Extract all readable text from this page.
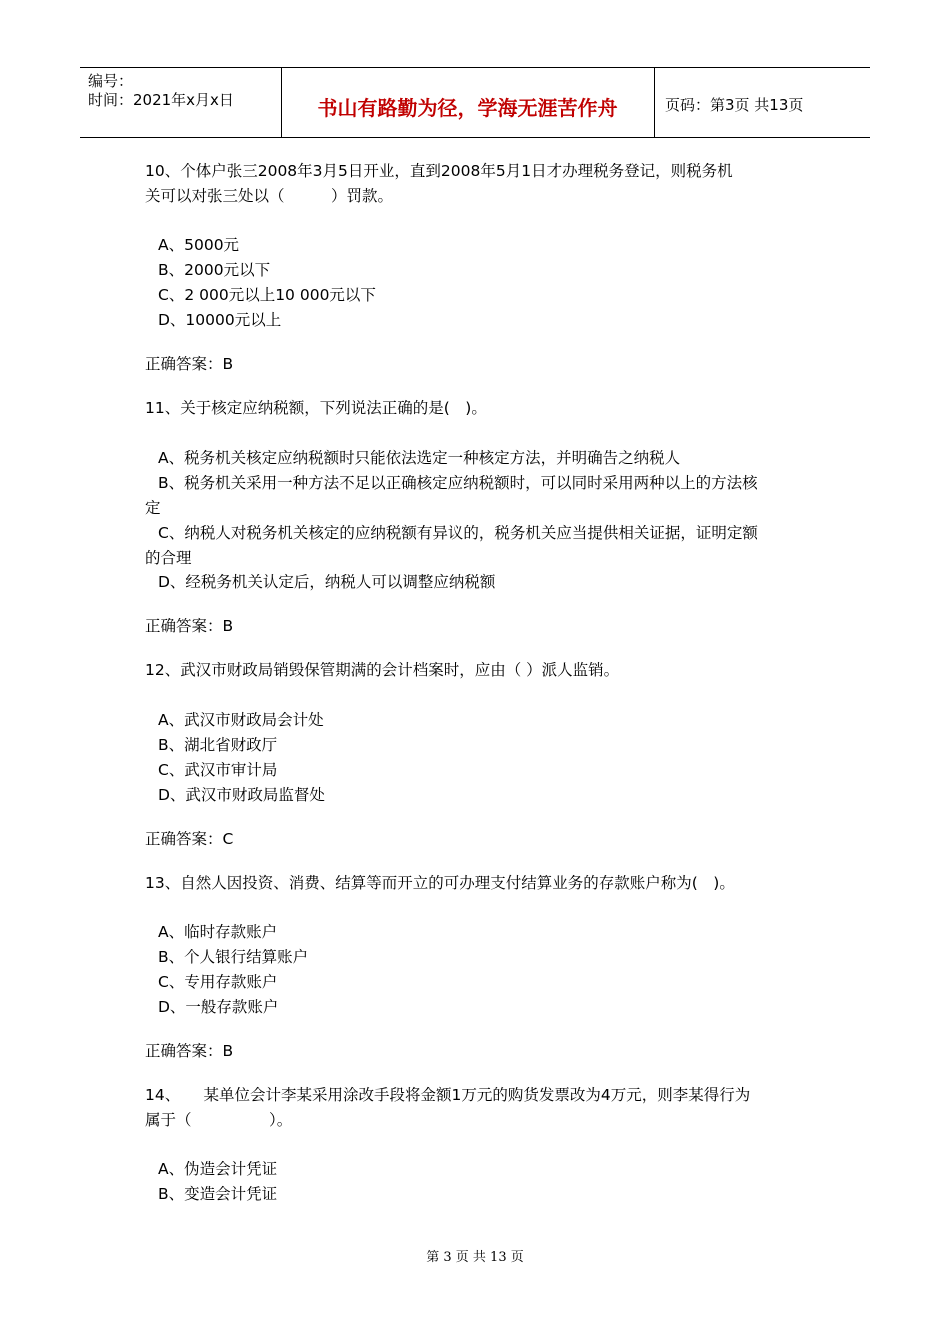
编号：
时间：2021年x月x日	书山有路勤为径，学海无涯苦作舟	页码：第3页 共13页
10、个体户张三2008年3月5日开业，直到2008年5月1日才办理税务登记，则税务机
关可以对张三处以（　　　）罚款。
A、5000元
B、2000元以下
C、2 000元以上10 000元以下
D、10000元以上
正确答案：B
11、关于核定应纳税额，下列说法正确的是(　)。
A、税务机关核定应纳税额时只能依法选定一种核定方法，并明确告之纳税人
B、税务机关采用一种方法不足以正确核定应纳税额时，可以同时采用两种以上的方法核
定
C、纳税人对税务机关核定的应纳税额有异议的，税务机关应当提供相关证据，证明定额
的合理
D、经税务机关认定后，纳税人可以调整应纳税额
正确答案：B
12、武汉市财政局销毁保管期满的会计档案时，应由（ ）派人监销。
A、武汉市财政局会计处
B、湖北省财政厅
C、武汉市审计局
D、武汉市财政局监督处
正确答案：C
13、自然人因投资、消费、结算等而开立的可办理支付结算业务的存款账户称为(　)。
A、临时存款账户
B、个人银行结算账户
C、专用存款账户
D、一般存款账户
正确答案：B
14、　　某单位会计李某采用涂改手段将金额1万元的购货发票改为4万元，则李某得行为
属于（　　　　　）。
A、伪造会计凭证
B、变造会计凭证
第 3 页 共 13 页
